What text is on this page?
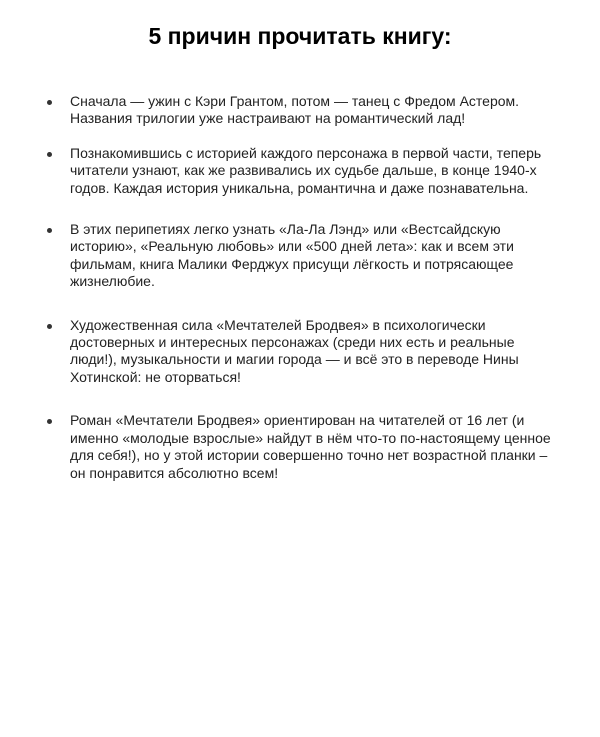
5 причин прочитать книгу:
Сначала — ужин с Кэри Грантом, потом — танец с Фредом Астером. Названия трилогии уже настраивают на романтический лад!
Познакомившись с историей каждого персонажа в первой части, теперь читатели узнают, как же развивались их судьбе дальше, в конце 1940-х годов. Каждая история уникальна, романтична и даже познавательна.
В этих перипетиях легко узнать «Ла-Ла Лэнд» или «Вестсайдскую историю», «Реальную любовь» или «500 дней лета»: как и всем эти фильмам, книга Малики Ферджух присущи лёгкость и потрясающее жизнелюбие.
Художественная сила «Мечтателей Бродвея» в психологически достоверных и интересных персонажах (среди них есть и реальные люди!), музыкальности и магии города — и всё это в переводе Нины Хотинской: не оторваться!
Роман «Мечтатели Бродвея» ориентирован на читателей от 16 лет (и именно «молодые взрослые» найдут в нём что-то по-настоящему ценное для себя!), но у этой истории совершенно точно нет возрастной планки – он понравится абсолютно всем!
